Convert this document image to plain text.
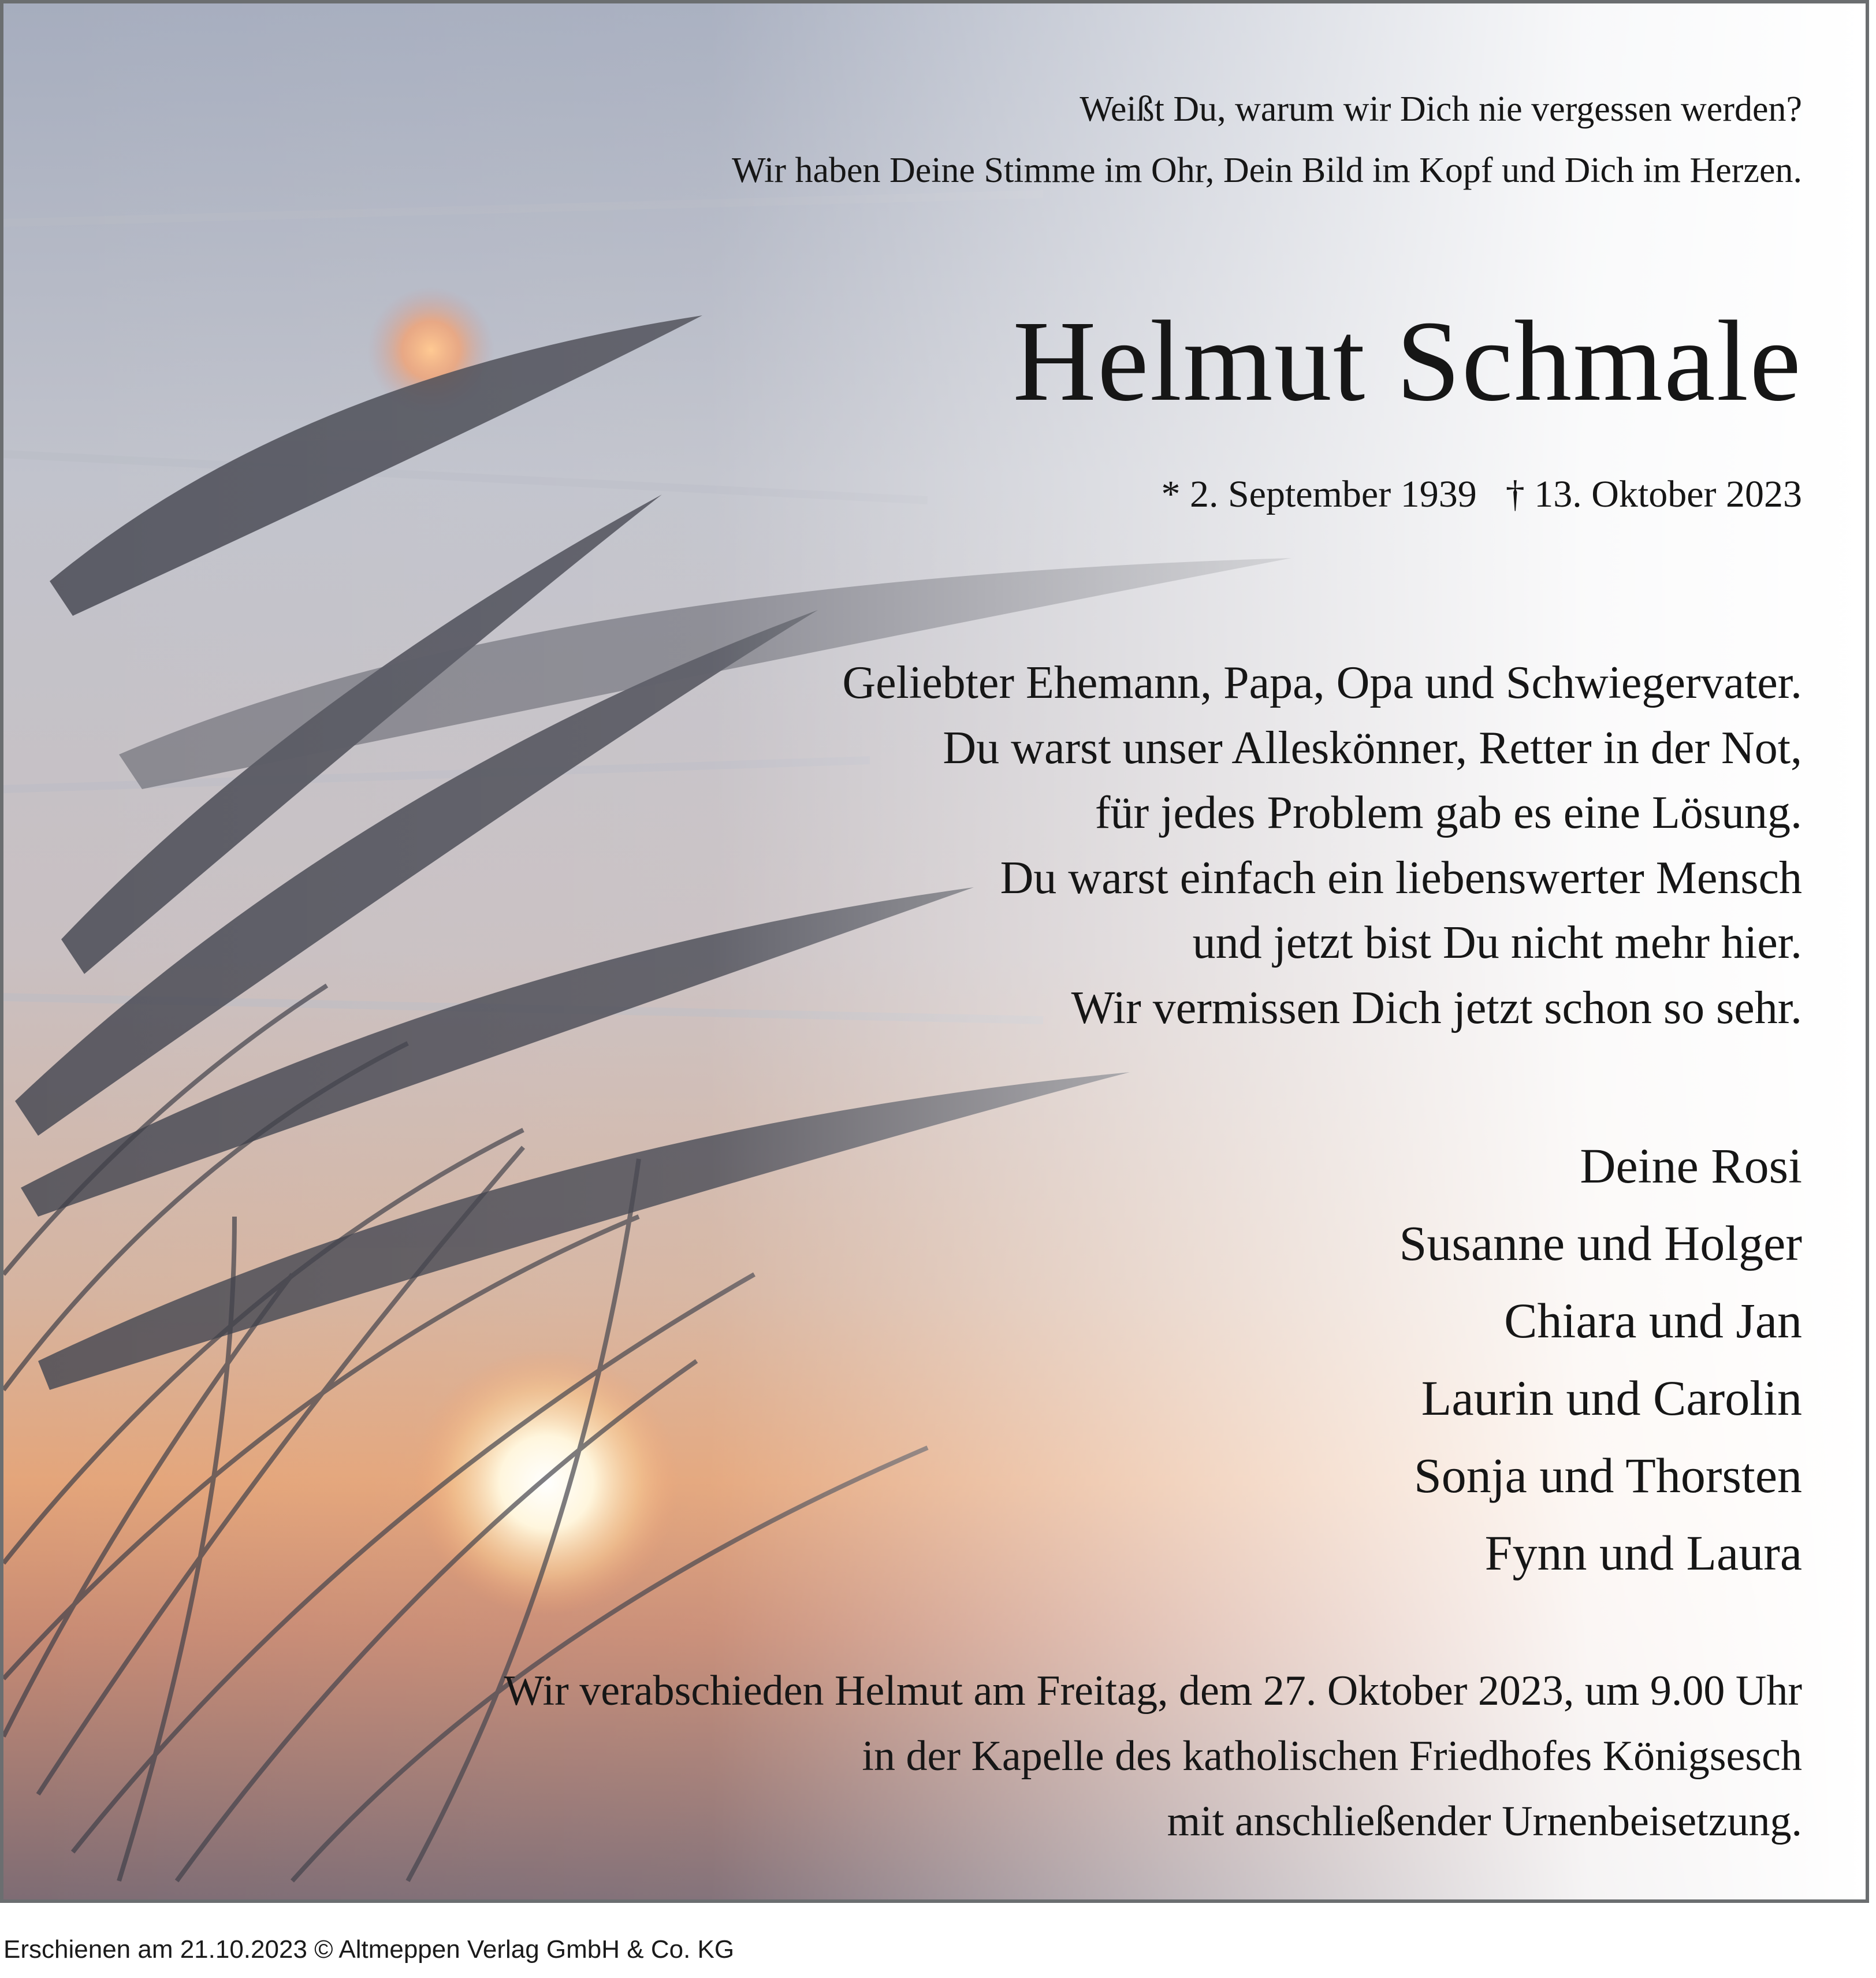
Weißt Du, warum wir Dich nie vergessen werden?
Wir haben Deine Stimme im Ohr, Dein Bild im Kopf und Dich im Herzen.
Helmut Schmale
* 2. September 1939 † 13. Oktober 2023
Geliebter Ehemann, Papa, Opa und Schwiegervater.
Du warst unser Alleskönner, Retter in der Not,
für jedes Problem gab es eine Lösung.
Du warst einfach ein liebenswerter Mensch
und jetzt bist Du nicht mehr hier.
Wir vermissen Dich jetzt schon so sehr.
Deine Rosi
Susanne und Holger
Chiara und Jan
Laurin und Carolin
Sonja und Thorsten
Fynn und Laura
Wir verabschieden Helmut am Freitag, dem 27. Oktober 2023, um 9.00 Uhr
in der Kapelle des katholischen Friedhofes Königsesch
mit anschließender Urnenbeisetzung.
Erschienen am 21.10.2023 © Altmeppen Verlag GmbH & Co. KG
